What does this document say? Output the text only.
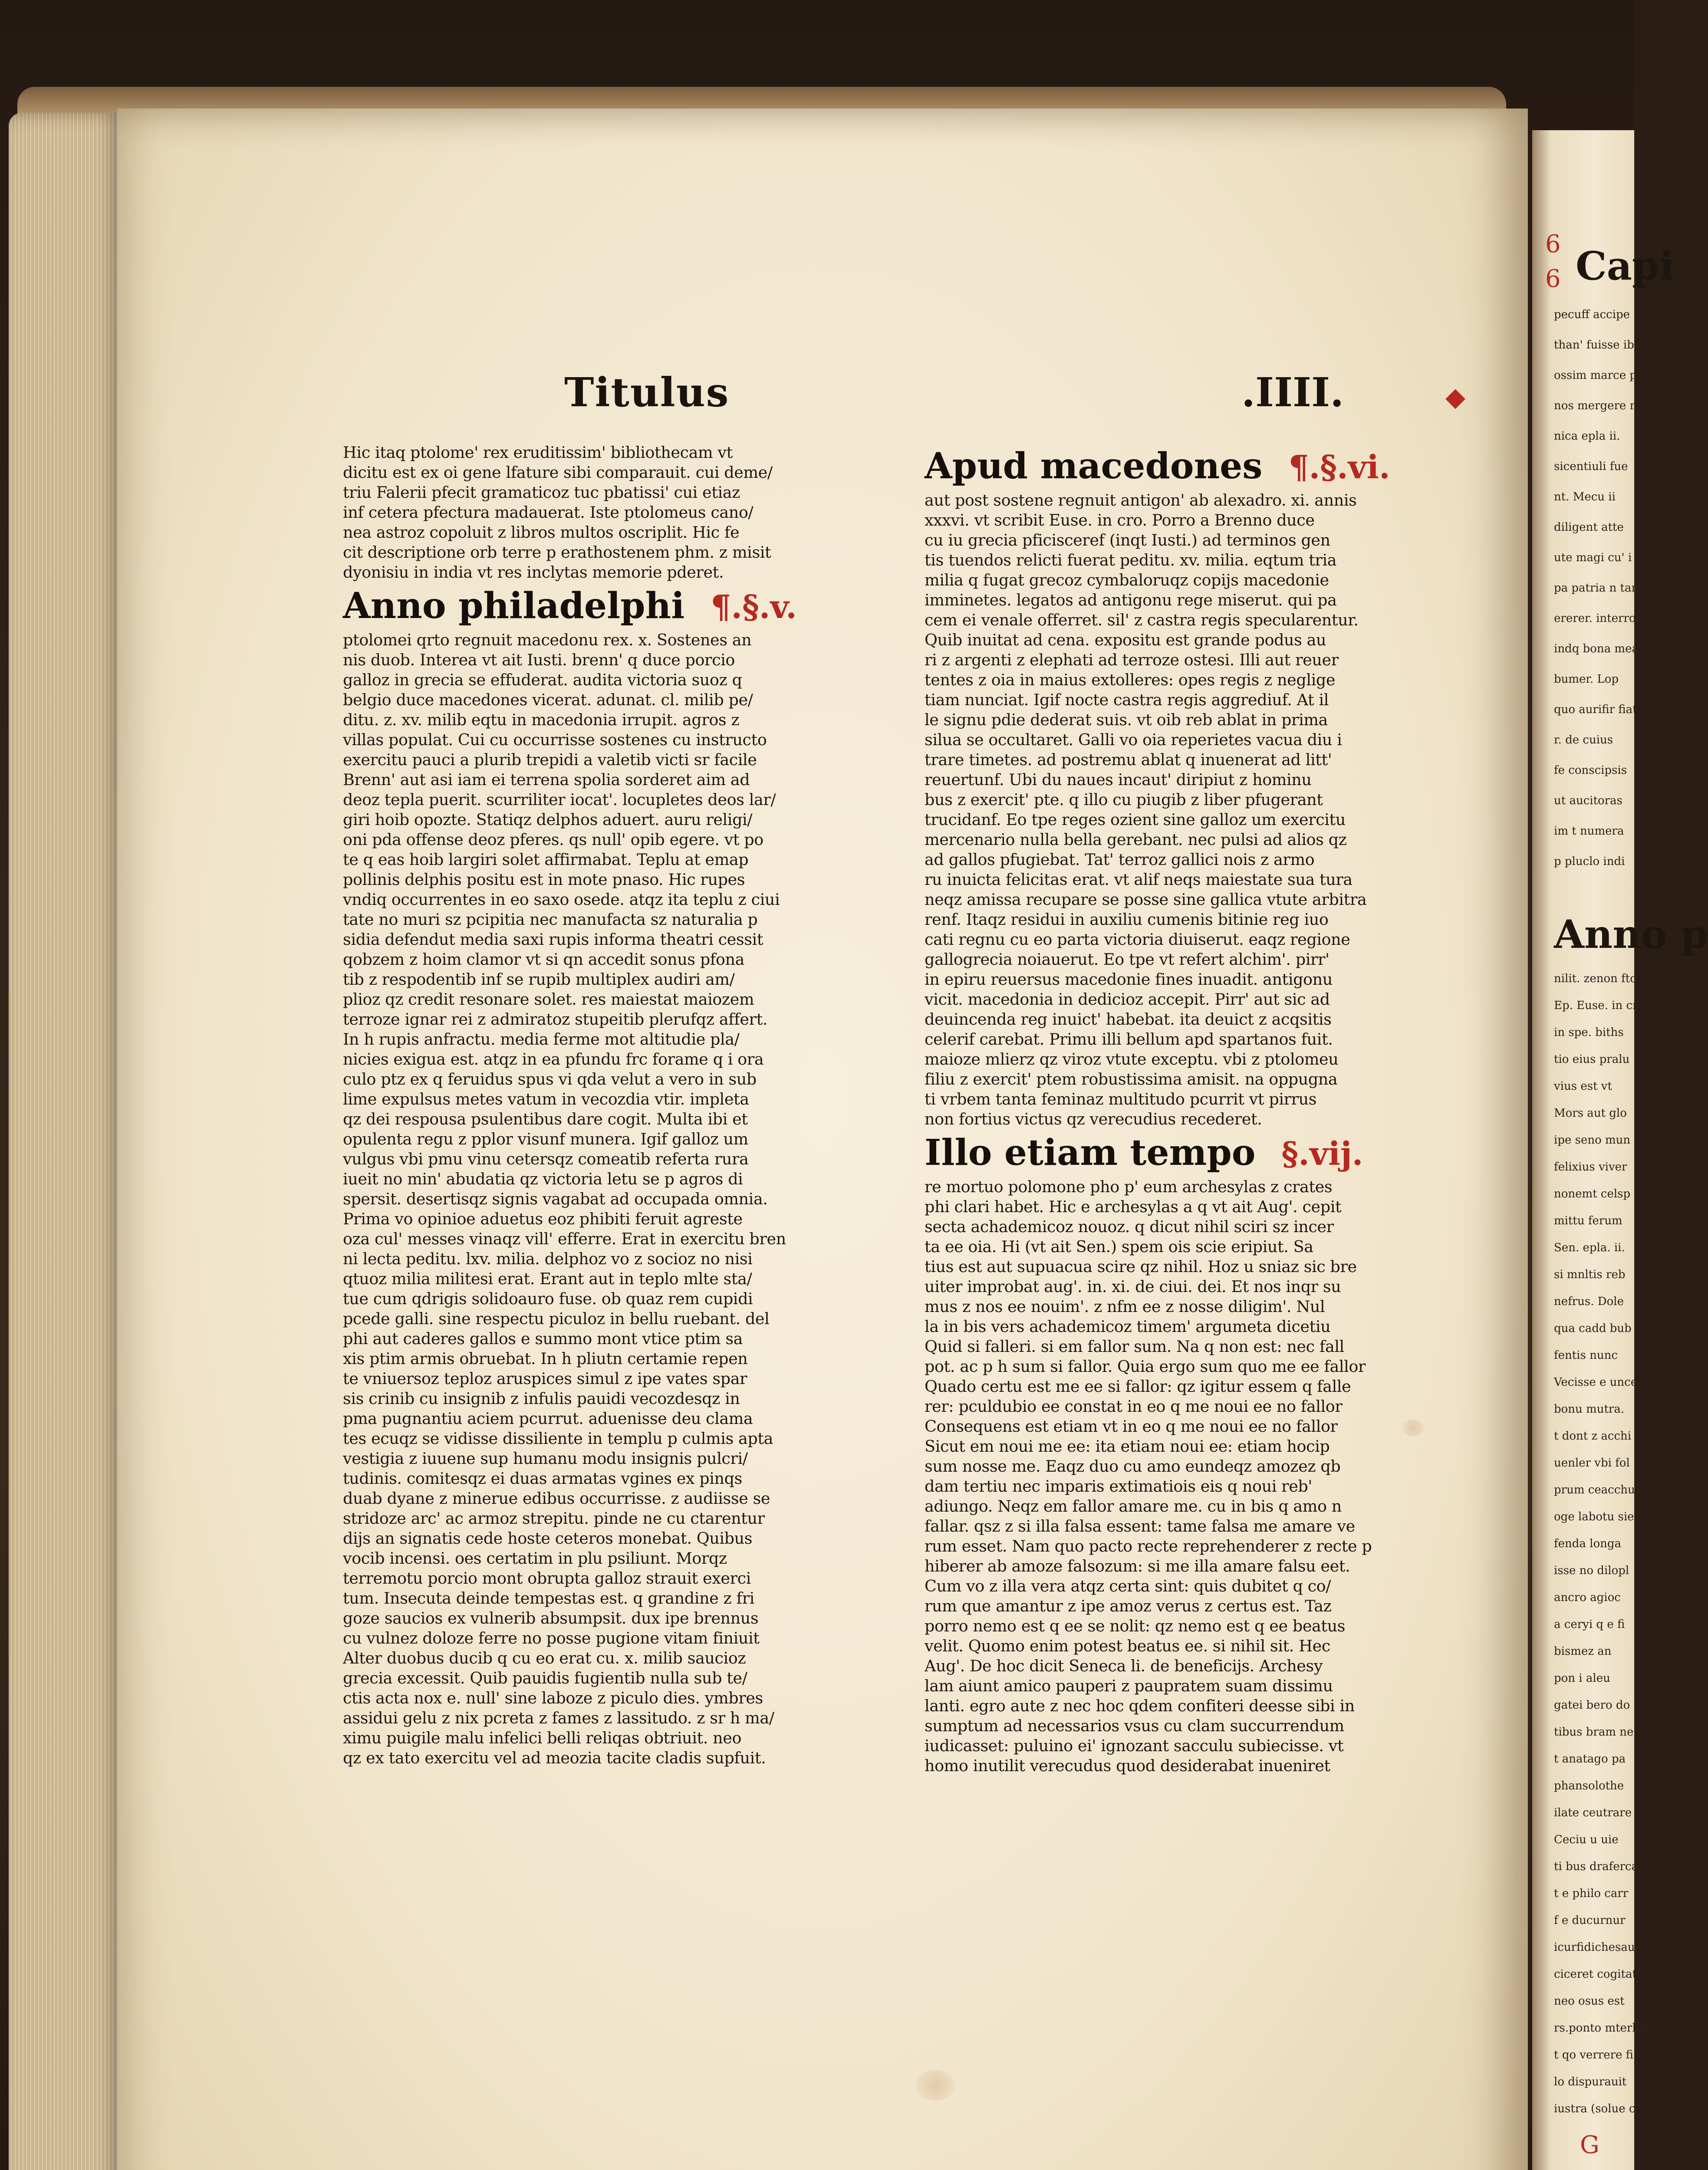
Titulus	.IIII.	◆
Hic itaq ptolome' rex eruditissim' bibliothecam vt
dicitu est ex oi gene lfature sibi comparauit. cui deme/
triu Falerii pfecit gramaticoz tuc pbatissi' cui etiaz
inf cetera pfectura madauerat. Iste ptolomeus cano/
nea astroz copoluit z libros multos oscriplit. Hic fe
cit descriptione orb terre p erathostenem phm. z misit
dyonisiu in india vt res inclytas memorie pderet.
Anno philadelphi ¶.§.v.
ptolomei qrto regnuit macedonu rex. x. Sostenes an
nis duob. Interea vt ait Iusti. brenn' q duce porcio
galloz in grecia se effuderat. audita victoria suoz q
belgio duce macedones vicerat. adunat. cl. milib pe/
ditu. z. xv. milib eqtu in macedonia irrupit. agros z
villas populat. Cui cu occurrisse sostenes cu instructo
exercitu pauci a plurib trepidi a valetib victi sr facile
Brenn' aut asi iam ei terrena spolia sorderet aim ad
deoz tepla puerit. scurriliter iocat'. locupletes deos lar/
giri hoib opozte. Statiqz delphos aduert. auru religi/
oni pda offense deoz pferes. qs null' opib egere. vt po
te q eas hoib largiri solet affirmabat. Teplu at emap
pollinis delphis positu est in mote pnaso. Hic rupes
vndiq occurrentes in eo saxo osede. atqz ita teplu z ciui
tate no muri sz pcipitia nec manufacta sz naturalia p
sidia defendut media saxi rupis informa theatri cessit
qobzem z hoim clamor vt si qn accedit sonus pfona
tib z respodentib inf se rupib multiplex audiri am/
plioz qz credit resonare solet. res maiestat maiozem
terroze ignar rei z admiratoz stupeitib plerufqz affert.
In h rupis anfractu. media ferme mot altitudie pla/
nicies exigua est. atqz in ea pfundu frc forame q i ora
culo ptz ex q feruidus spus vi qda velut a vero in sub
lime expulsus metes vatum in vecozdia vtir. impleta
qz dei respousa psulentibus dare cogit. Multa ibi et
opulenta regu z pplor visunf munera. Igif galloz um
vulgus vbi pmu vinu cetersqz comeatib referta rura
iueit no min' abudatia qz victoria letu se p agros di
spersit. desertisqz signis vagabat ad occupada omnia.
Prima vo opinioe aduetus eoz phibiti feruit agreste
oza cul' messes vinaqz vill' efferre. Erat in exercitu bren
ni lecta peditu. lxv. milia. delphoz vo z socioz no nisi
qtuoz milia militesi erat. Erant aut in teplo mlte sta/
tue cum qdrigis solidoauro fuse. ob quaz rem cupidi
pcede galli. sine respectu piculoz in bellu ruebant. del
phi aut caderes gallos e summo mont vtice ptim sa
xis ptim armis obruebat. In h pliutn certamie repen
te vniuersoz teploz aruspices simul z ipe vates spar
sis crinib cu insignib z infulis pauidi vecozdesqz in
pma pugnantiu aciem pcurrut. aduenisse deu clama
tes ecuqz se vidisse dissiliente in templu p culmis apta
vestigia z iuuene sup humanu modu insignis pulcri/
tudinis. comitesqz ei duas armatas vgines ex pinqs
duab dyane z minerue edibus occurrisse. z audiisse se
stridoze arc' ac armoz strepitu. pinde ne cu ctarentur
dijs an signatis cede hoste ceteros monebat. Quibus
vocib incensi. oes certatim in plu psiliunt. Morqz
terremotu porcio mont obrupta galloz strauit exerci
tum. Insecuta deinde tempestas est. q grandine z fri
goze saucios ex vulnerib absumpsit. dux ipe brennus
cu vulnez doloze ferre no posse pugione vitam finiuit
Alter duobus ducib q cu eo erat cu. x. milib saucioz
grecia excessit. Quib pauidis fugientib nulla sub te/
ctis acta nox e. null' sine laboze z piculo dies. ymbres
assidui gelu z nix pcreta z fames z lassitudo. z sr h ma/
ximu puigile malu infelici belli reliqas obtriuit. neo
qz ex tato exercitu vel ad meozia tacite cladis supfuit.
Apud macedones ¶.§.vi.
aut post sostene regnuit antigon' ab alexadro. xi. annis
xxxvi. vt scribit Euse. in cro. Porro a Brenno duce
cu iu grecia pficisceref (inqt Iusti.) ad terminos gen
tis tuendos relicti fuerat peditu. xv. milia. eqtum tria
milia q fugat grecoz cymbaloruqz copijs macedonie
imminetes. legatos ad antigonu rege miserut. qui pa
cem ei venale offerret. sil' z castra regis specularentur.
Quib inuitat ad cena. expositu est grande podus au
ri z argenti z elephati ad terroze ostesi. Illi aut reuer
tentes z oia in maius extolleres: opes regis z neglige
tiam nunciat. Igif nocte castra regis aggrediuf. At il
le signu pdie dederat suis. vt oib reb ablat in prima
silua se occultaret. Galli vo oia reperietes vacua diu i
trare timetes. ad postremu ablat q inuenerat ad litt'
reuertunf. Ubi du naues incaut' diripiut z hominu
bus z exercit' pte. q illo cu piugib z liber pfugerant
trucidanf. Eo tpe reges ozient sine galloz um exercitu
mercenario nulla bella gerebant. nec pulsi ad alios qz
ad gallos pfugiebat. Tat' terroz gallici nois z armo
ru inuicta felicitas erat. vt alif neqs maiestate sua tura
neqz amissa recupare se posse sine gallica vtute arbitra
renf. Itaqz residui in auxiliu cumenis bitinie reg iuo
cati regnu cu eo parta victoria diuiserut. eaqz regione
gallogrecia noiauerut. Eo tpe vt refert alchim'. pirr'
in epiru reuersus macedonie fines inuadit. antigonu
vicit. macedonia in dedicioz accepit. Pirr' aut sic ad
deuincenda reg inuict' habebat. ita deuict z acqsitis
celerif carebat. Primu illi bellum apd spartanos fuit.
maioze mlierz qz viroz vtute exceptu. vbi z ptolomeu
filiu z exercit' ptem robustissima amisit. na oppugna
ti vrbem tanta feminaz multitudo pcurrit vt pirrus
non fortius victus qz verecudius recederet.
Illo etiam tempo §.vij.
re mortuo polomone pho p' eum archesylas z crates
phi clari habet. Hic e archesylas a q vt ait Aug'. cepit
secta achademicoz nouoz. q dicut nihil sciri sz incer
ta ee oia. Hi (vt ait Sen.) spem ois scie eripiut. Sa
tius est aut supuacua scire qz nihil. Hoz u sniaz sic bre
uiter improbat aug'. in. xi. de ciui. dei. Et nos inqr su
mus z nos ee nouim'. z nfm ee z nosse diligim'. Nul
la in bis vers achademicoz timem' argumeta dicetiu
Quid si falleri. si em fallor sum. Na q non est: nec fall
pot. ac p h sum si fallor. Quia ergo sum quo me ee fallor
Quado certu est me ee si fallor: qz igitur essem q falle
rer: pculdubio ee constat in eo q me noui ee no fallor
Consequens est etiam vt in eo q me noui ee no fallor
Sicut em noui me ee: ita etiam noui ee: etiam hocip
sum nosse me. Eaqz duo cu amo eundeqz amozez qb
dam tertiu nec imparis extimatiois eis q noui reb'
adiungo. Neqz em fallor amare me. cu in bis q amo n
fallar. qsz z si illa falsa essent: tame falsa me amare ve
rum esset. Nam quo pacto recte reprehenderer z recte p
hiberer ab amoze falsozum: si me illa amare falsu eet.
Cum vo z illa vera atqz certa sint: quis dubitet q co/
rum que amantur z ipe amoz verus z certus est. Taz
porro nemo est q ee se nolit: qz nemo est q ee beatus
velit. Quomo enim potest beatus ee. si nihil sit. Hec
Aug'. De hoc dicit Seneca li. de beneficijs. Archesy
lam aiunt amico pauperi z paupratem suam dissimu
lanti. egro aute z nec hoc qdem confiteri deesse sibi in
sumptum ad necessarios vsus cu clam succurrendum
iudicasset: puluino ei' ignozant sacculu subiecisse. vt
homo inutilit verecudus quod desiderabat inueniret
6
6 Capi
pecuff accipe
than' fuisse ib
ossim marce p
nos mergere n
nica epla ii.
sicentiuli fue
nt. Mecu ii
diligent atte
ute magi cu' i
pa patria n tam
ererer. interrog
indq bona mea
bumer. Lop
quo aurifir fiat
r. de cuius
fe conscipsis
ut aucitoras
im t numera
p pluclo indi
Anno p
nilit. zenon fto
Ep. Euse. in cr
in spe. biths
tio eius pralu
vius est vt
Mors aut glo
ipe seno mun
felixius viver
nonemt celsp
mittu ferum
Sen. epla. ii.
si mnltis reb
nefrus. Dole
qua cadd bub
fentis nunc
Vecisse e unce
bonu mutra.
t dont z acchi
uenler vbi fol
prum ceacchu
oge labotu sie
fenda longa
isse no dilopl
ancro agioc
a ceryi q e fi
bismez an
pon i aleu
gatei bero do
tibus bram ne
t anatago pa
phansolothe
ilate ceutrare
Ceciu u uie
ti bus draferca
t e philo carr
f e ducurnur
icurfidichesau
ciceret cogitati
neo osus est
rs.ponto mterlus
t qo verrere fi
lo dispurauit
iustra (solue c
G
